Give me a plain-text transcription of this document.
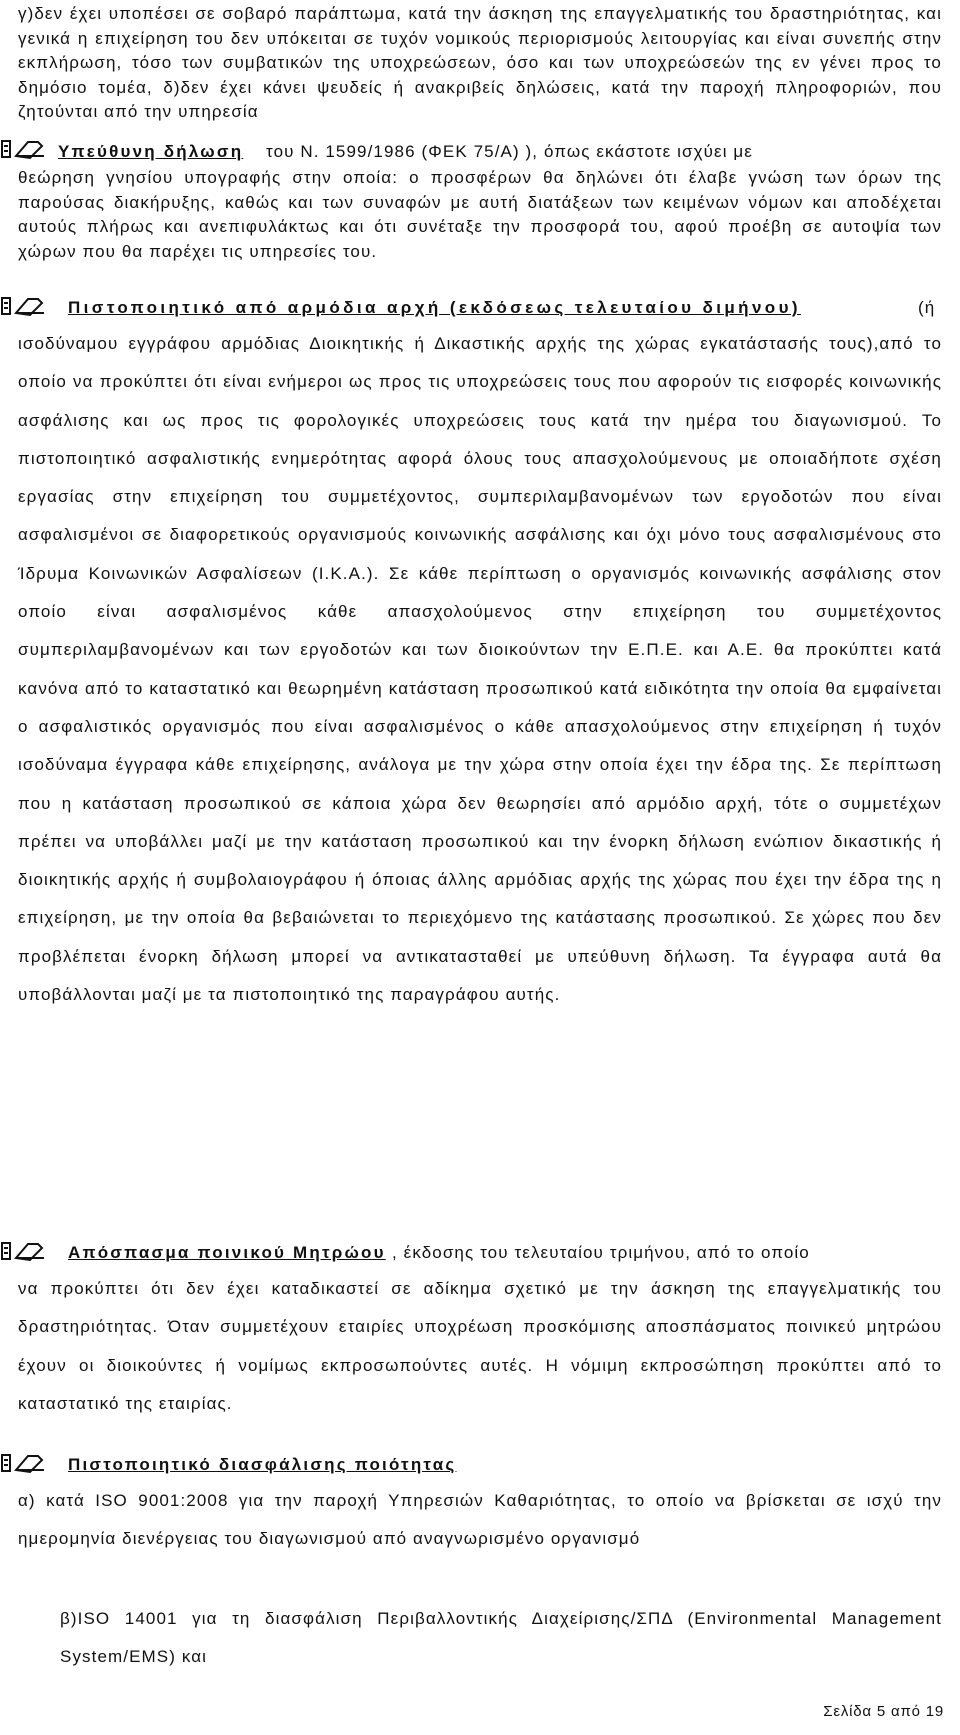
γ)δεν έχει υποπέσει σε σοβαρό παράπτωμα, κατά την άσκηση της επαγγελματικής του δραστηριότητας, και γενικά η επιχείρηση του δεν υπόκειται σε τυχόν νομικούς περιορισμούς λειτουργίας και είναι συνεπής στην εκπλήρωση, τόσο των συμβατικών της υποχρεώσεων, όσο και των υποχρεώσεών της εν γένει προς το δημόσιο τομέα, δ)δεν έχει κάνει ψευδείς ή ανακριβείς δηλώσεις, κατά την παροχή πληροφοριών, που ζητούνται από την υπηρεσία

Υπεύθυνη δήλωση του Ν. 1599/1986 (ΦΕΚ 75/Α) ), όπως εκάστοτε ισχύει με

θεώρηση γνησίου υπογραφής στην οποία: ο προσφέρων θα δηλώνει ότι έλαβε γνώση των όρων της παρούσας διακήρυξης, καθώς και των συναφών με αυτή διατάξεων των κειμένων νόμων και αποδέχεται αυτούς πλήρως και ανεπιφυλάκτως και ότι συνέταξε την προσφορά του, αφού προέβη σε αυτοψία των χώρων που θα παρέχει τις υπηρεσίες του.

Πιστοποιητικό από αρμόδια αρχή (εκδόσεως τελευταίου διμήνου)	(ή

ισοδύναμου εγγράφου αρμόδιας Διοικητικής ή Δικαστικής αρχής της χώρας εγκατάστασής τους),από το οποίο να προκύπτει ότι είναι ενήμεροι ως προς τις υποχρεώσεις τους που αφορούν τις εισφορές κοινωνικής ασφάλισης και ως προς τις φορολογικές υποχρεώσεις τους κατά την ημέρα του διαγωνισμού. Το πιστοποιητικό ασφαλιστικής ενημερότητας αφορά όλους τους απασχολούμενους με οποιαδήποτε σχέση εργασίας στην επιχείρηση του συμμετέχοντος, συμπεριλαμβανομένων των εργοδοτών που είναι ασφαλισμένοι σε διαφορετικούς οργανισμούς κοινωνικής ασφάλισης και όχι μόνο τους ασφαλισμένους στο Ίδρυμα Κοινωνικών Ασφαλίσεων (Ι.Κ.Α.). Σε κάθε περίπτωση ο οργανισμός κοινωνικής ασφάλισης στον οποίο είναι ασφαλισμένος κάθε απασχολούμενος στην επιχείρηση του συμμετέχοντος συμπεριλαμβανομένων και των εργοδοτών και των διοικούντων την Ε.Π.Ε. και Α.Ε. θα προκύπτει κατά κανόνα από το καταστατικό και θεωρημένη κατάσταση προσωπικού κατά ειδικότητα την οποία θα εμφαίνεται ο ασφαλιστικός οργανισμός που είναι ασφαλισμένος ο κάθε απασχολούμενος στην επιχείρηση ή τυχόν ισοδύναμα έγγραφα κάθε επιχείρησης, ανάλογα με την χώρα στην οποία έχει την έδρα της. Σε περίπτωση που η κατάσταση προσωπικού σε κάποια χώρα δεν θεωρησίει από αρμόδιο αρχή, τότε ο συμμετέχων πρέπει να υποβάλλει μαζί με την κατάσταση προσωπικού και την ένορκη δήλωση ενώπιον δικαστικής ή διοικητικής αρχής ή συμβολαιογράφου ή όποιας άλλης αρμόδιας αρχής της χώρας που έχει την έδρα της η επιχείρηση, με την οποία θα βεβαιώνεται το περιεχόμενο της κατάστασης προσωπικού. Σε χώρες που δεν προβλέπεται ένορκη δήλωση μπορεί να αντικατασταθεί με υπεύθυνη δήλωση. Τα έγγραφα αυτά θα υποβάλλονται μαζί με τα πιστοποιητικό της παραγράφου αυτής.

Απόσπασμα ποινικού Μητρώου , έκδοσης του τελευταίου τριμήνου, από το οποίο

να προκύπτει ότι δεν έχει καταδικαστεί σε αδίκημα σχετικό με την άσκηση της επαγγελματικής του δραστηριότητας. Όταν συμμετέχουν εταιρίες υποχρέωση προσκόμισης αποσπάσματος ποινικεύ μητρώου έχουν οι διοικούντες ή νομίμως εκπροσωπούντες αυτές. Η νόμιμη εκπροσώπηση προκύπτει από το καταστατικό της εταιρίας.

Πιστοποιητικό διασφάλισης ποιότητας

α) κατά ISO 9001:2008 για την παροχή Υπηρεσιών Καθαριότητας, το οποίο να βρίσκεται σε ισχύ την ημερομηνία διενέργειας του διαγωνισμού από αναγνωρισμένο οργανισμό

β)ISO 14001 για τη διασφάλιση Περιβαλλοντικής Διαχείρισης/ΣΠΔ (Environmental Management System/EMS) και

Σελίδα 5 από 19
